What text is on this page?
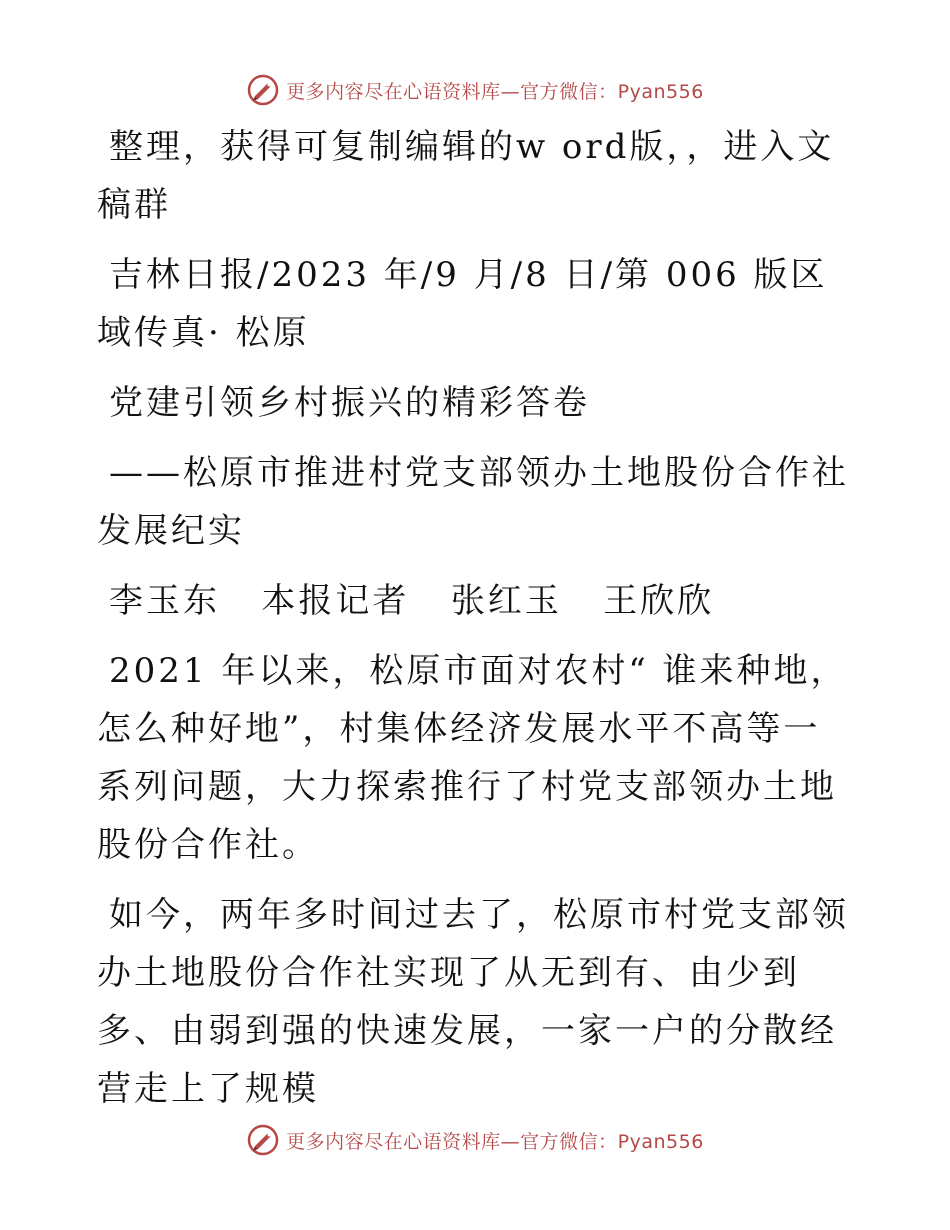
更多内容尽在心语资料库—官方微信：Pyan556

整理，获得可复制编辑的w ord版，，进入文稿群

吉林日报/2023 年/9 月/8 日/第 006 版区域传真· 松原

党建引领乡村振兴的精彩答卷

——松原市推进村党支部领办土地股份合作社发展纪实

李玉东   本报记者   张红玉   王欣欣

2021 年以来，松原市面对农村“ 谁来种地，怎么种好地”，村集体经济发展水平不高等一系列问题，大力探索推行了村党支部领办土地股份合作社。

如今，两年多时间过去了，松原市村党支部领办土地股份合作社实现了从无到有、由少到多、由弱到强的快速发展，一家一户的分散经营走上了规模

更多内容尽在心语资料库—官方微信：Pyan556
